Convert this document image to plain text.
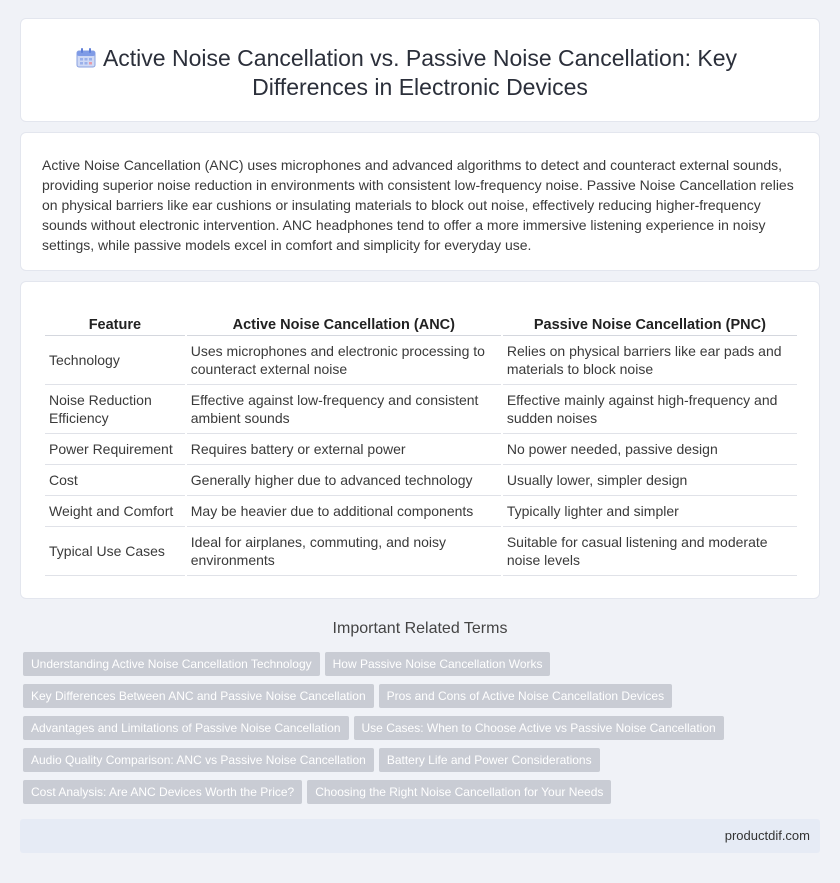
Active Noise Cancellation vs. Passive Noise Cancellation: Key Differences in Electronic Devices

Active Noise Cancellation (ANC) uses microphones and advanced algorithms to detect and counteract external sounds, providing superior noise reduction in environments with consistent low-frequency noise. Passive Noise Cancellation relies on physical barriers like ear cushions or insulating materials to block out noise, effectively reducing higher-frequency sounds without electronic intervention. ANC headphones tend to offer a more immersive listening experience in noisy settings, while passive models excel in comfort and simplicity for everyday use.

Feature	Active Noise Cancellation (ANC)	Passive Noise Cancellation (PNC)
Technology	Uses microphones and electronic processing to counteract external noise	Relies on physical barriers like ear pads and materials to block noise
Noise Reduction Efficiency	Effective against low-frequency and consistent ambient sounds	Effective mainly against high-frequency and sudden noises
Power Requirement	Requires battery or external power	No power needed, passive design
Cost	Generally higher due to advanced technology	Usually lower, simpler design
Weight and Comfort	May be heavier due to additional components	Typically lighter and simpler
Typical Use Cases	Ideal for airplanes, commuting, and noisy environments	Suitable for casual listening and moderate noise levels
Important Related Terms
Understanding Active Noise Cancellation Technology How Passive Noise Cancellation Works
Key Differences Between ANC and Passive Noise Cancellation Pros and Cons of Active Noise Cancellation Devices
Advantages and Limitations of Passive Noise Cancellation Use Cases: When to Choose Active vs Passive Noise Cancellation
Audio Quality Comparison: ANC vs Passive Noise Cancellation Battery Life and Power Considerations
Cost Analysis: Are ANC Devices Worth the Price? Choosing the Right Noise Cancellation for Your Needs
productdif.com
